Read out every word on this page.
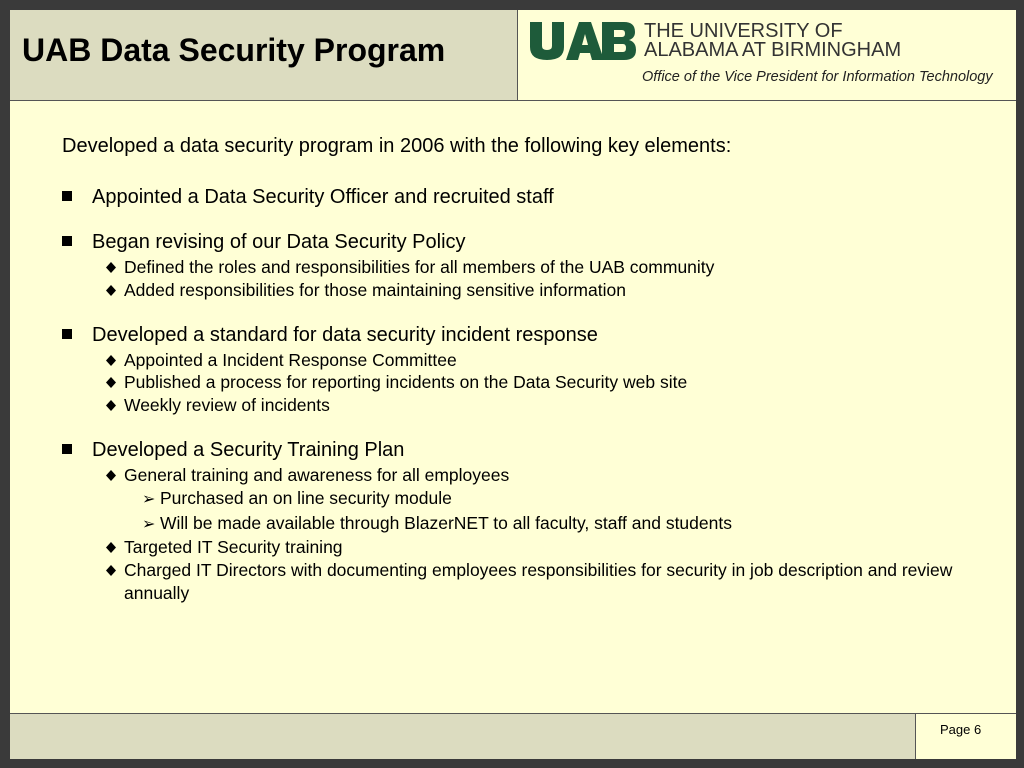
UAB Data Security Program
THE UNIVERSITY OF
ALABAMA AT BIRMINGHAM
Office of the Vice President for Information Technology

Developed a data security program in 2006 with the following key elements:

Appointed a Data Security Officer and recruited staff
Began revising of our Data Security Policy
Defined the roles and responsibilities for all members of the UAB community
Added responsibilities for those maintaining sensitive information
Developed a standard for data security incident response
Appointed a Incident Response Committee
Published a process for reporting incidents on the Data Security web site
Weekly review of incidents
Developed a Security Training Plan
General training and awareness for all employees
➢ Purchased an on line security module
➢ Will be made available through BlazerNET to all faculty, staff and students
Targeted IT Security training
Charged IT Directors with documenting employees responsibilities for security in job description and review annually
Page 6
